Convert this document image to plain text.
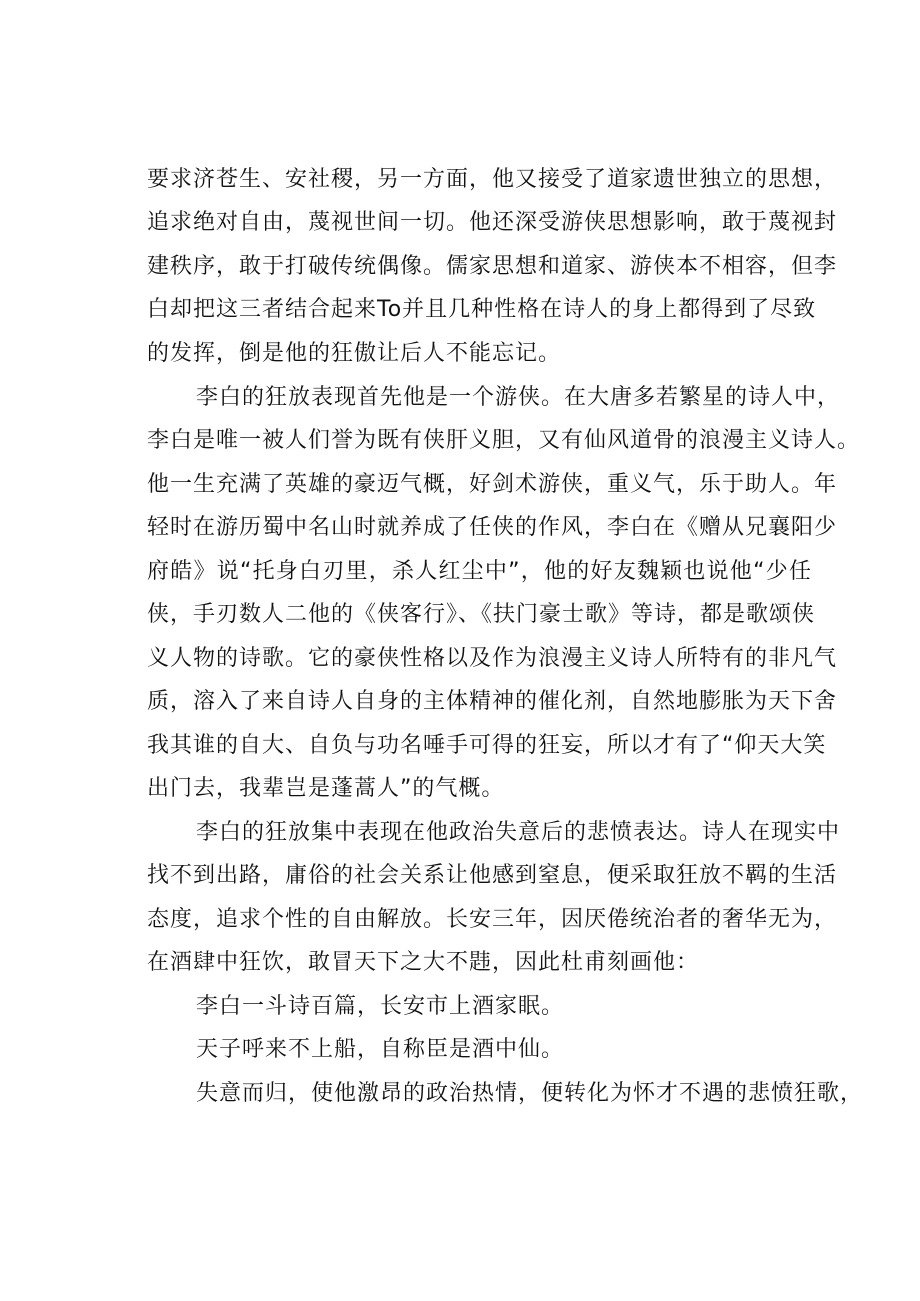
要求济苍生、安社稷，另一方面，他又接受了道家遗世独立的思想，
追求绝对自由，蔑视世间一切。他还深受游侠思想影响，敢于蔑视封
建秩序，敢于打破传统偶像。儒家思想和道家、游侠本不相容，但李
白却把这三者结合起来To并且几种性格在诗人的身上都得到了尽致
的发挥，倒是他的狂傲让后人不能忘记。
李白的狂放表现首先他是一个游侠。在大唐多若繁星的诗人中，
李白是唯一被人们誉为既有侠肝义胆，又有仙风道骨的浪漫主义诗人。
他一生充满了英雄的豪迈气概，好剑术游侠，重义气，乐于助人。年
轻时在游历蜀中名山时就养成了任侠的作风，李白在《赠从兄襄阳少
府皓》说“托身白刃里，杀人红尘中”，他的好友魏颖也说他“少任
侠，手刃数人二他的《侠客行》、《扶门豪士歌》等诗，都是歌颂侠
义人物的诗歌。它的豪侠性格以及作为浪漫主义诗人所特有的非凡气
质，溶入了来自诗人自身的主体精神的催化剂，自然地膨胀为天下舍
我其谁的自大、自负与功名唾手可得的狂妄，所以才有了“仰天大笑
出门去，我辈岂是蓬蒿人”的气概。
李白的狂放集中表现在他政治失意后的悲愤表达。诗人在现实中
找不到出路，庸俗的社会关系让他感到窒息，便采取狂放不羁的生活
态度，追求个性的自由解放。长安三年，因厌倦统治者的奢华无为，
在酒肆中狂饮，敢冒天下之大不韪，因此杜甫刻画他：
李白一斗诗百篇，长安市上酒家眠。
天子呼来不上船，自称臣是酒中仙。
失意而归，使他激昂的政治热情，便转化为怀才不遇的悲愤狂歌，
